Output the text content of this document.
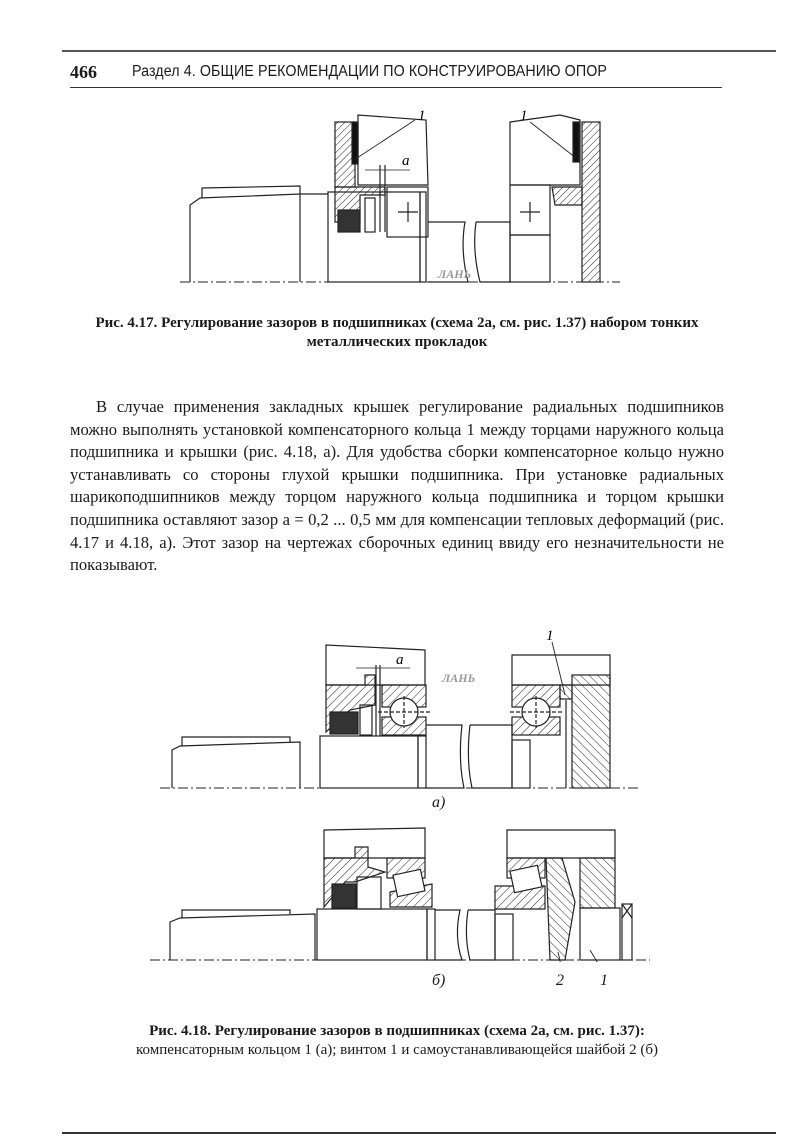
466 Раздел 4. ОБЩИЕ РЕКОМЕНДАЦИИ ПО КОНСТРУИРОВАНИЮ ОПОР
1	1
a
ЛАНЬ
Рис. 4.17. Регулирование зазоров в подшипниках (схема 2а, см. рис. 1.37) набором тонких металлических прокладок

В случае применения закладных крышек регулирование радиальных подшипников можно выполнять установкой компенсаторного кольца 1 между торцами наружного кольца подшипника и крышки (рис. 4.18, а). Для удобства сборки компенсаторное кольцо нужно устанавливать со стороны глухой крышки подшипника. При установке радиальных шарикоподшипников между торцом наружного кольца подшипника и торцом крышки подшипника оставляют зазор a = 0,2 ... 0,5 мм для компенсации тепловых деформаций (рис. 4.17 и 4.18, а). Этот зазор на чертежах сборочных единиц ввиду его незначительности не показывают.

a
1
ЛАНЬ
а)
б)	2 1
Рис. 4.18. Регулирование зазоров в подшипниках (схема 2а, см. рис. 1.37):
компенсаторным кольцом 1 (а); винтом 1 и самоустанавливающейся шайбой 2 (б)
